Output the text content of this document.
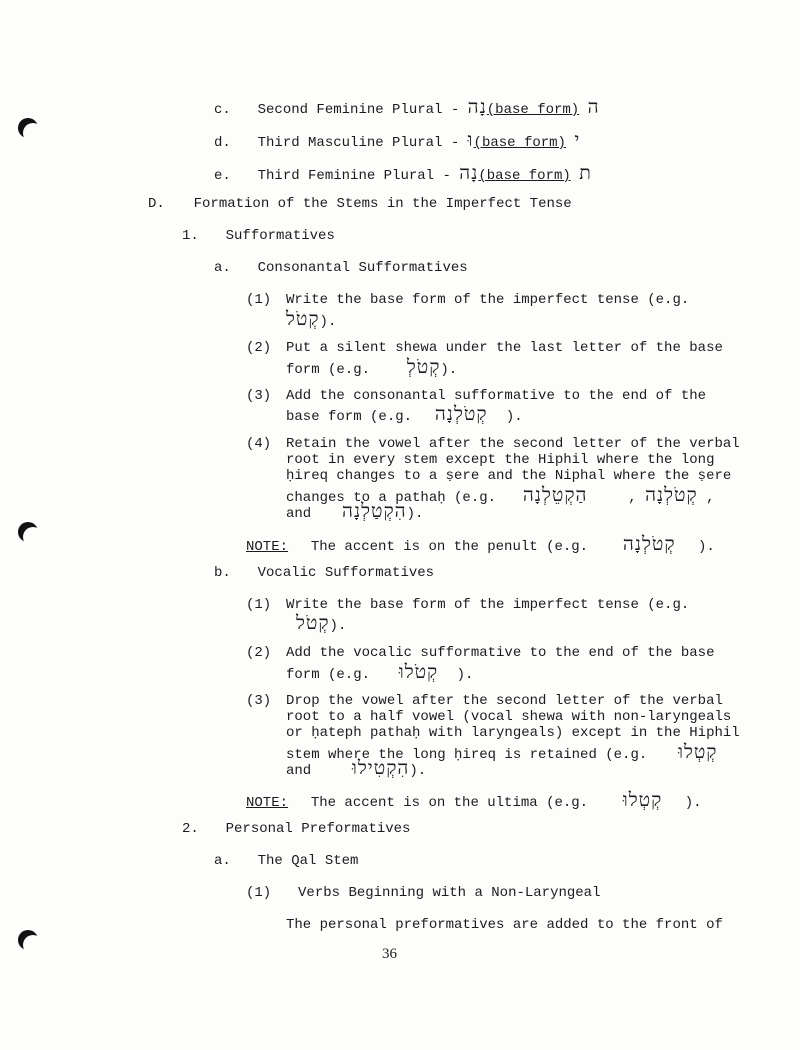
c. Second Feminine Plural - נָה(base form) ה
d. Third Masculine Plural - וּ(base form) י
e. Third Feminine Plural - נָה(base form) ת
D. Formation of the Stems in the Imperfect Tense
1. Sufformatives
a. Consonantal Sufformatives
(1) Write the base form of the imperfect tense (e.g.
קְטֹל).
(2) Put a silent shewa under the last letter of the base
form (e.g. קְטֹלְ).
(3) Add the consonantal sufformative to the end of the
base form (e.g. קְטֹלְנָה ).
(4) Retain the vowel after the second letter of the verbal
root in every stem except the Hiphil where the long
ḥireq changes to a ṣere and the Niphal where the ṣere
changes to a pathaḥ (e.g.	קְטֹלְנָה ,  הַקְטֵלְנָה	,
and הִקְטַלְנָה).
NOTE: The accent is on the penult (e.g. קְטֹלְנָה ).
b. Vocalic Sufformatives
(1) Write the base form of the imperfect tense (e.g.
קְטֹל).
(2) Add the vocalic sufformative to the end of the base
form (e.g. קְטֹלוּ ).
(3) Drop the vowel after the second letter of the verbal
root to a half vowel (vocal shewa with non-laryngeals
or ḥateph pathaḥ with laryngeals) except in the Hiphil
stem where the long ḥireq is retained (e.g. קְטְלוּ
and הִקְטִילוּ).
NOTE: The accent is on the ultima (e.g. קְטְלוּ ).
2. Personal Preformatives
a. The Qal Stem
(1) Verbs Beginning with a Non-Laryngeal
The personal preformatives are added to the front of
36
